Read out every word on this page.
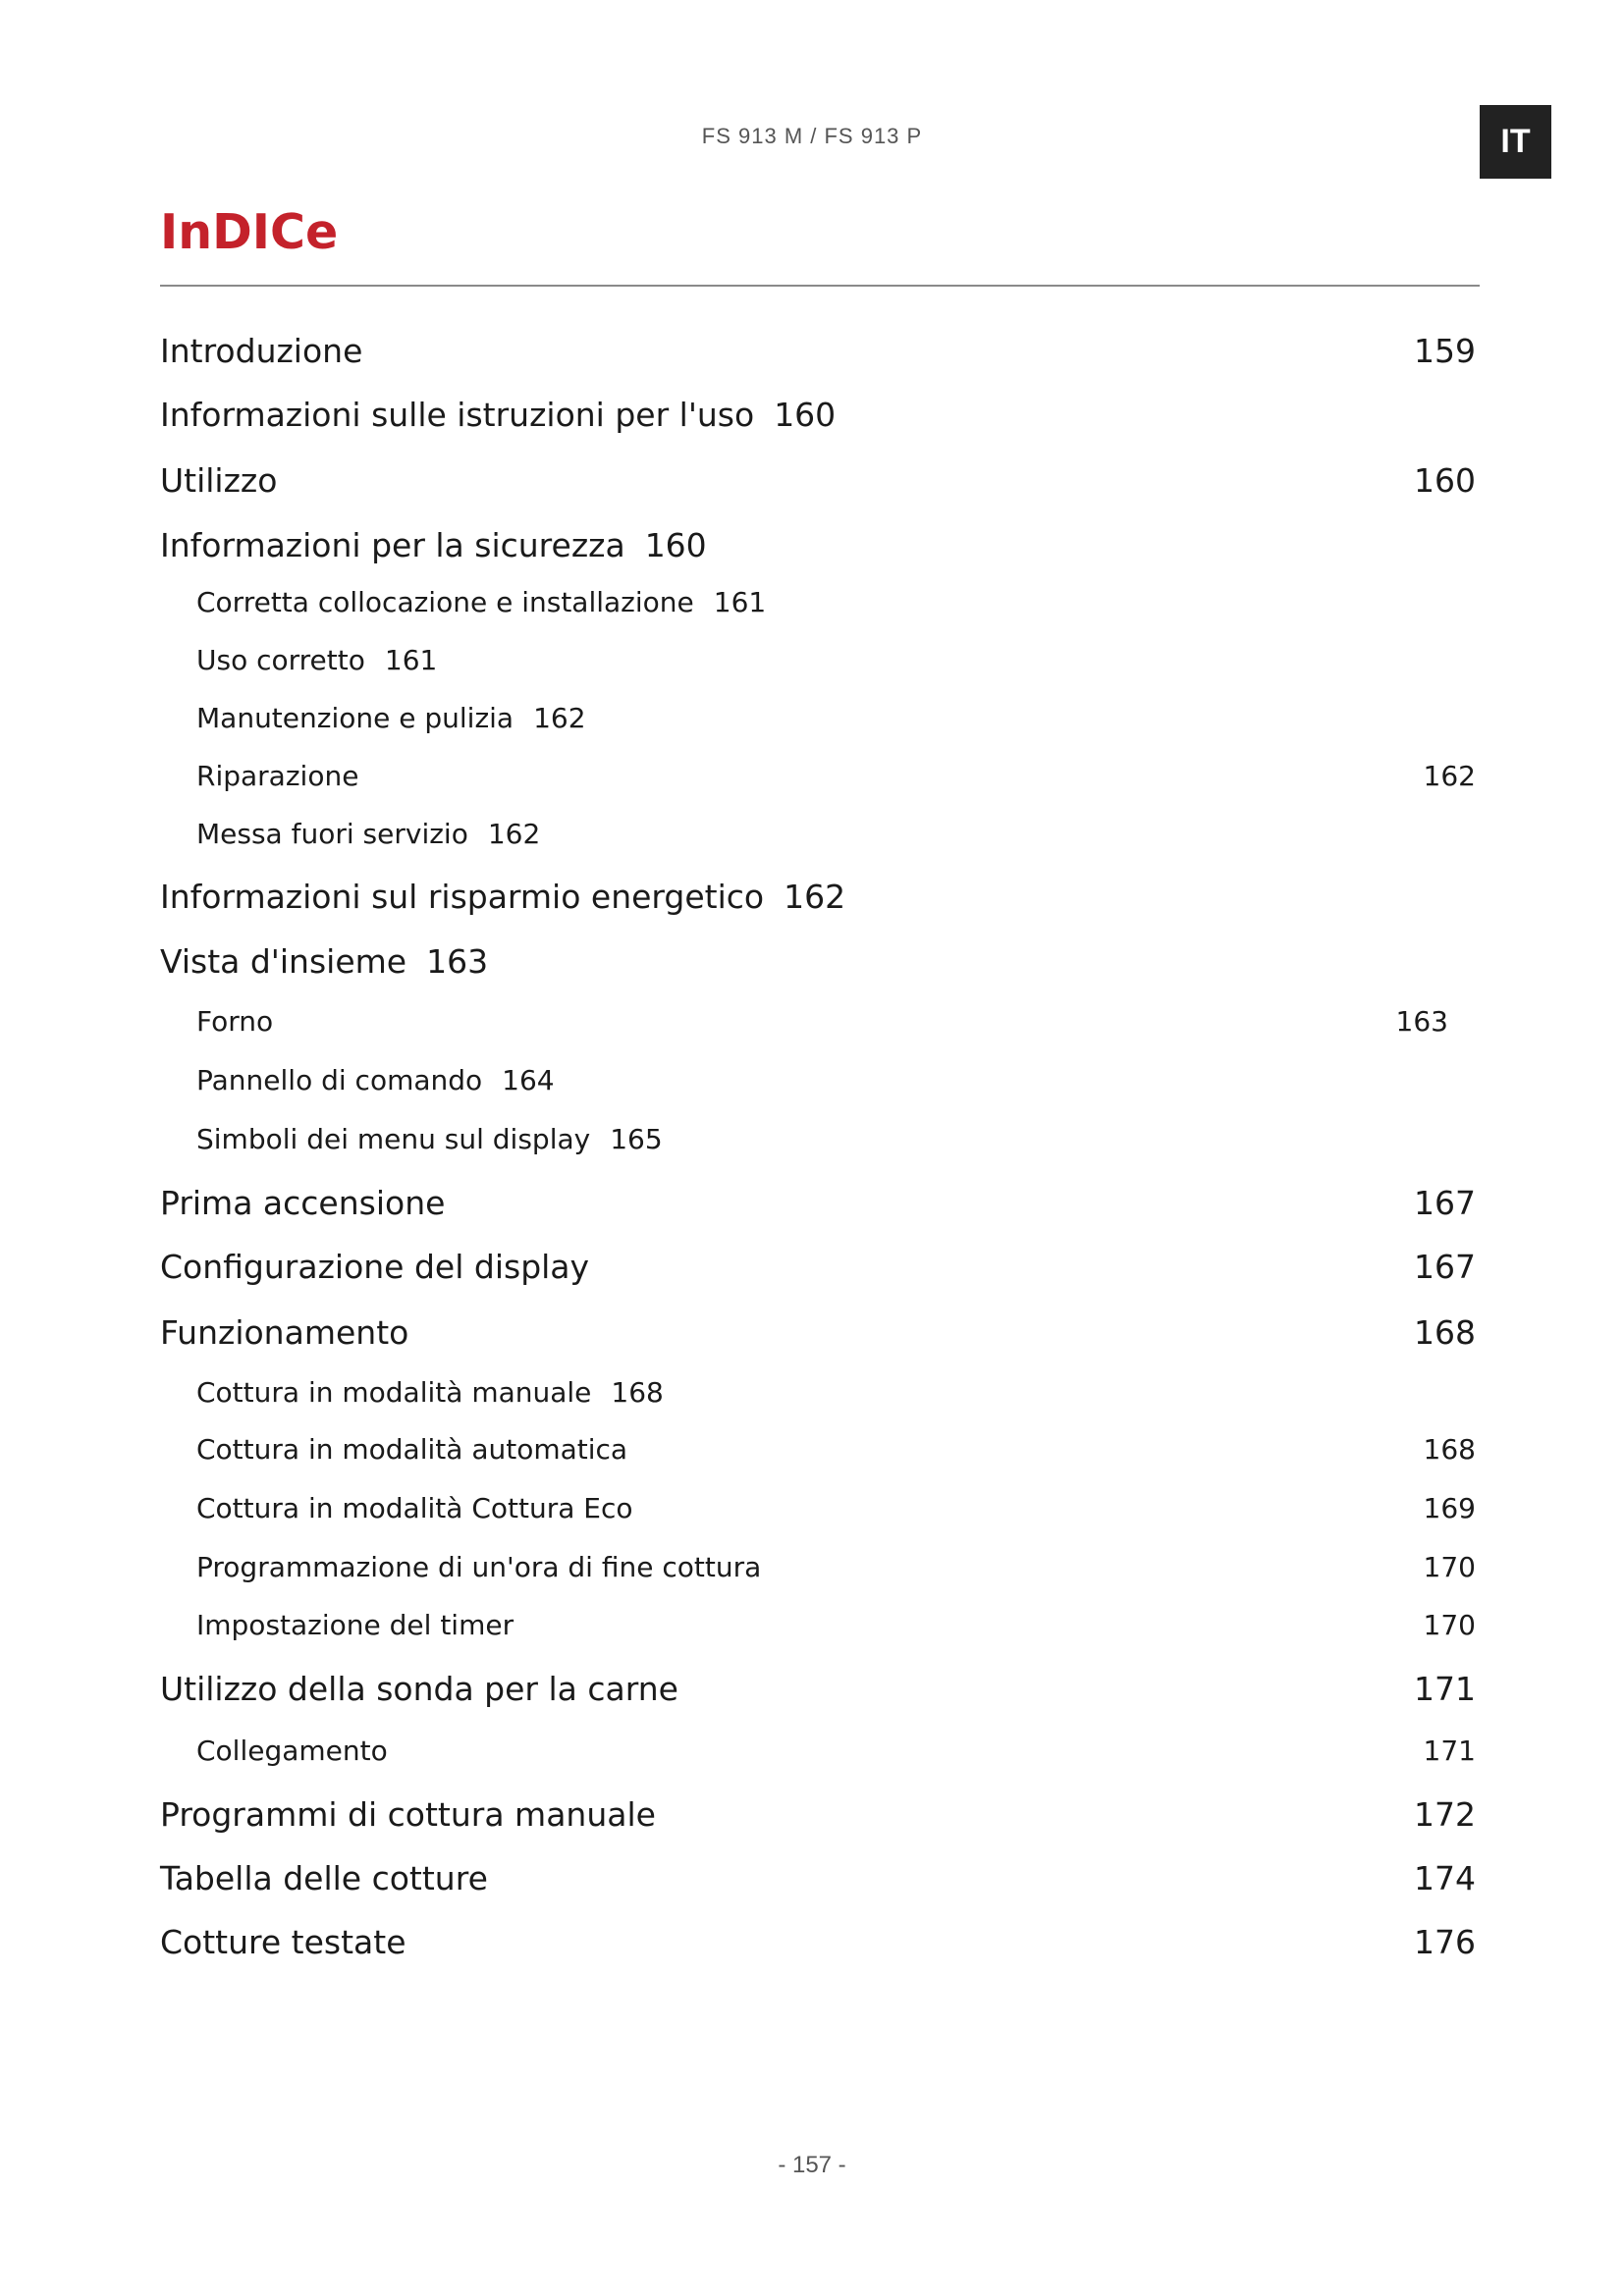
FS 913 M / FS 913 P	IT
InDICe
Introduzione	159
Informazioni sulle istruzioni per l'uso 160
Utilizzo	160
Informazioni per la sicurezza 160
Corretta collocazione e installazione 161
Uso corretto 161
Manutenzione e pulizia 162
Riparazione	162
Messa fuori servizio 162
Informazioni sul risparmio energetico 162
Vista d'insieme 163
Forno	163
Pannello di comando 164
Simboli dei menu sul display 165
Prima accensione	167
Configurazione del display	167
Funzionamento	168
Cottura in modalità manuale 168
Cottura in modalità automatica	168
Cottura in modalità Cottura Eco	169
Programmazione di un'ora di fine cottura	170
Impostazione del timer	170
Utilizzo della sonda per la carne	171
Collegamento	171
Programmi di cottura manuale	172
Tabella delle cotture	174
Cotture testate	176
- 157 -
